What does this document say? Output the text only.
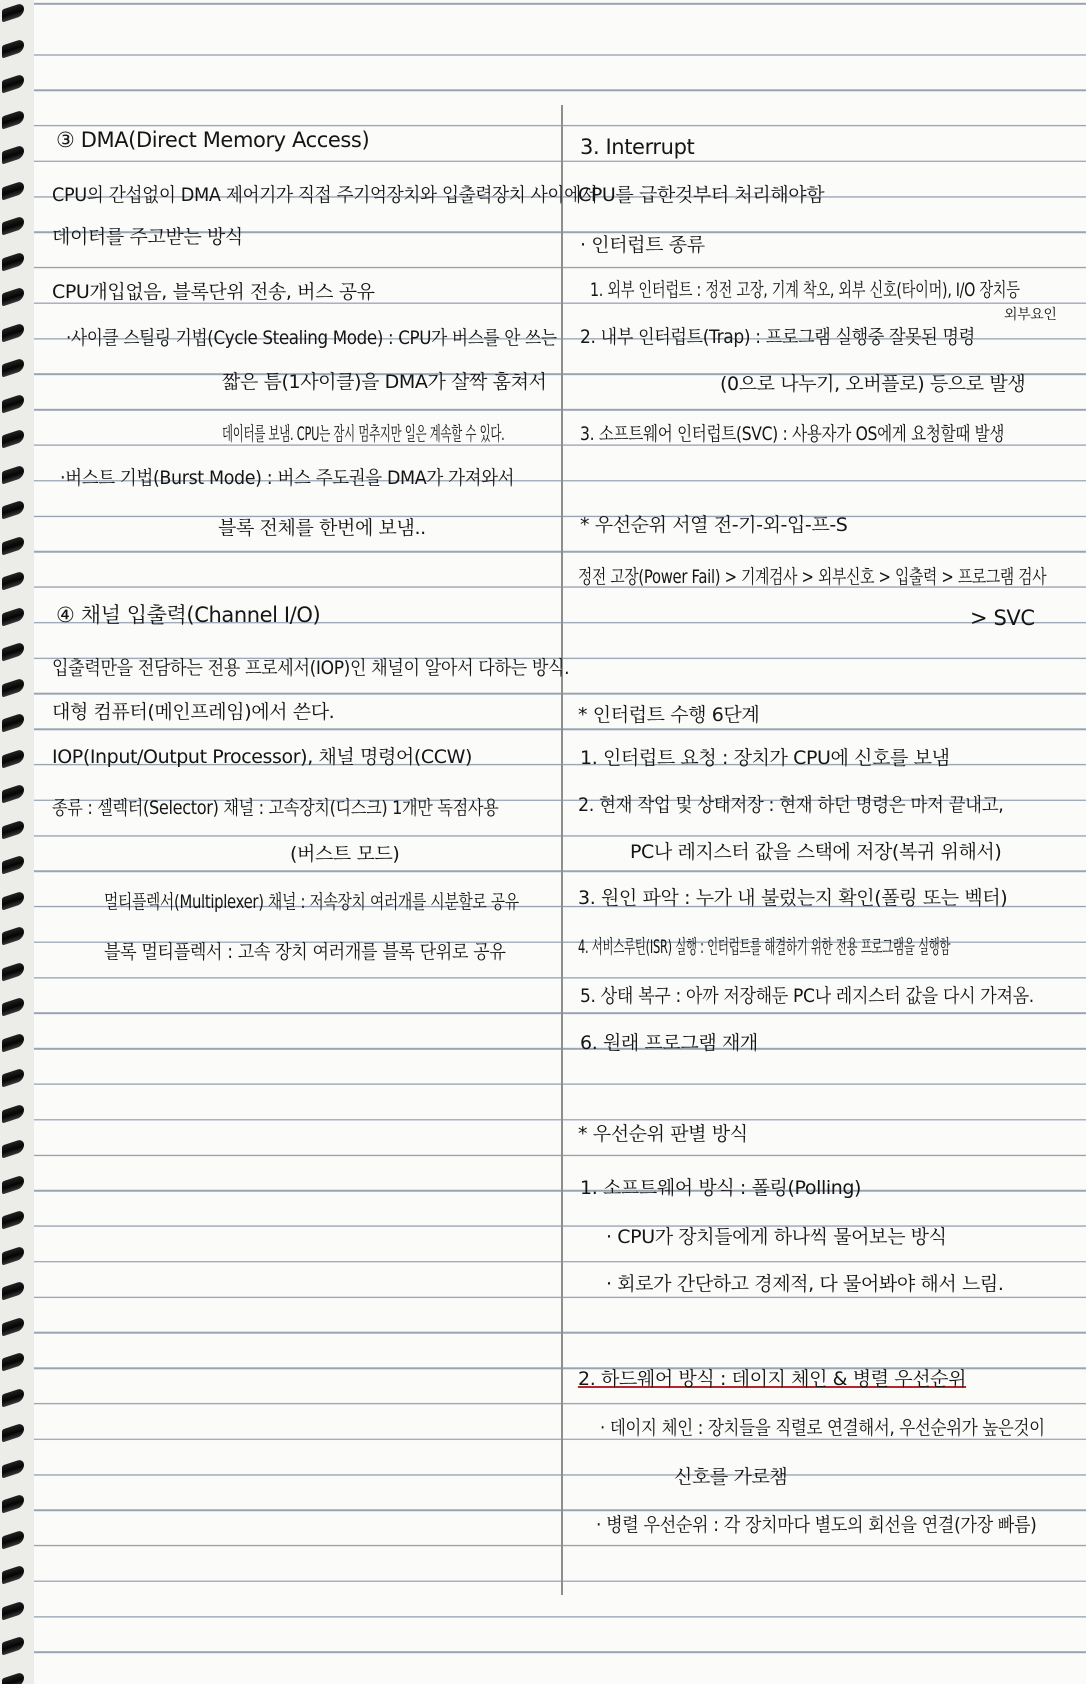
③ DMA(Direct Memory Access)
CPU의 간섭없이 DMA 제어기가 직접 주기억장치와 입출력장치 사이에서
데이터를 주고받는 방식
CPU개입없음, 블록단위 전송, 버스 공유
·사이클 스틸링 기법(Cycle Stealing Mode) : CPU가 버스를 안 쓰는
짧은 틈(1사이클)을 DMA가 살짝 훔쳐서
데이터를 보냄. CPU는 잠시 멈추지만 일은 계속할 수 있다.
·버스트 기법(Burst Mode) : 버스 주도권을 DMA가 가져와서
블록 전체를 한번에 보냄..
④ 채널 입출력(Channel I/O)
입출력만을 전담하는 전용 프로세서(IOP)인 채널이 알아서 다하는 방식.
대형 컴퓨터(메인프레임)에서 쓴다.
IOP(Input/Output Processor), 채널 명령어(CCW)
종류 : 셀렉터(Selector) 채널 : 고속장치(디스크) 1개만 독점사용
(버스트 모드)
멀티플렉서(Multiplexer) 채널 : 저속장치 여러개를 시분할로 공유
블록 멀티플렉서 : 고속 장치 여러개를 블록 단위로 공유
3. Interrupt
CPU를 급한것부터 처리해야함
· 인터럽트 종류
1. 외부 인터럽트 : 정전 고장, 기계 착오, 외부 신호(타이머), I/O 장치등
외부요인
2. 내부 인터럽트(Trap) : 프로그램 실행중 잘못된 명령
(0으로 나누기, 오버플로) 등으로 발생
3. 소프트웨어 인터럽트(SVC) : 사용자가 OS에게 요청할때 발생
* 우선순위 서열 전-기-외-입-프-S
정전 고장(Power Fail) > 기계검사 > 외부신호 > 입출력 > 프로그램 검사
> SVC
* 인터럽트 수행 6단계
1. 인터럽트 요청 : 장치가 CPU에 신호를 보냄
2. 현재 작업 및 상태저장 : 현재 하던 명령은 마저 끝내고,
PC나 레지스터 값을 스택에 저장(복귀 위해서)
3. 원인 파악 : 누가 내 불렀는지 확인(폴링 또는 벡터)
4. 서비스루틴(ISR) 실행 : 인터럽트를 해결하기 위한 전용 프로그램을 실행함
5. 상태 복구 : 아까 저장해둔 PC나 레지스터 값을 다시 가져옴.
6. 원래 프로그램 재개
* 우선순위 판별 방식
1. 소프트웨어 방식 : 폴링(Polling)
· CPU가 장치들에게 하나씩 물어보는 방식
· 회로가 간단하고 경제적, 다 물어봐야 해서 느림.
2. 하드웨어 방식 : 데이지 체인 & 병렬 우선순위
· 데이지 체인 : 장치들을 직렬로 연결해서, 우선순위가 높은것이
신호를 가로챔
· 병렬 우선순위 : 각 장치마다 별도의 회선을 연결(가장 빠름)
